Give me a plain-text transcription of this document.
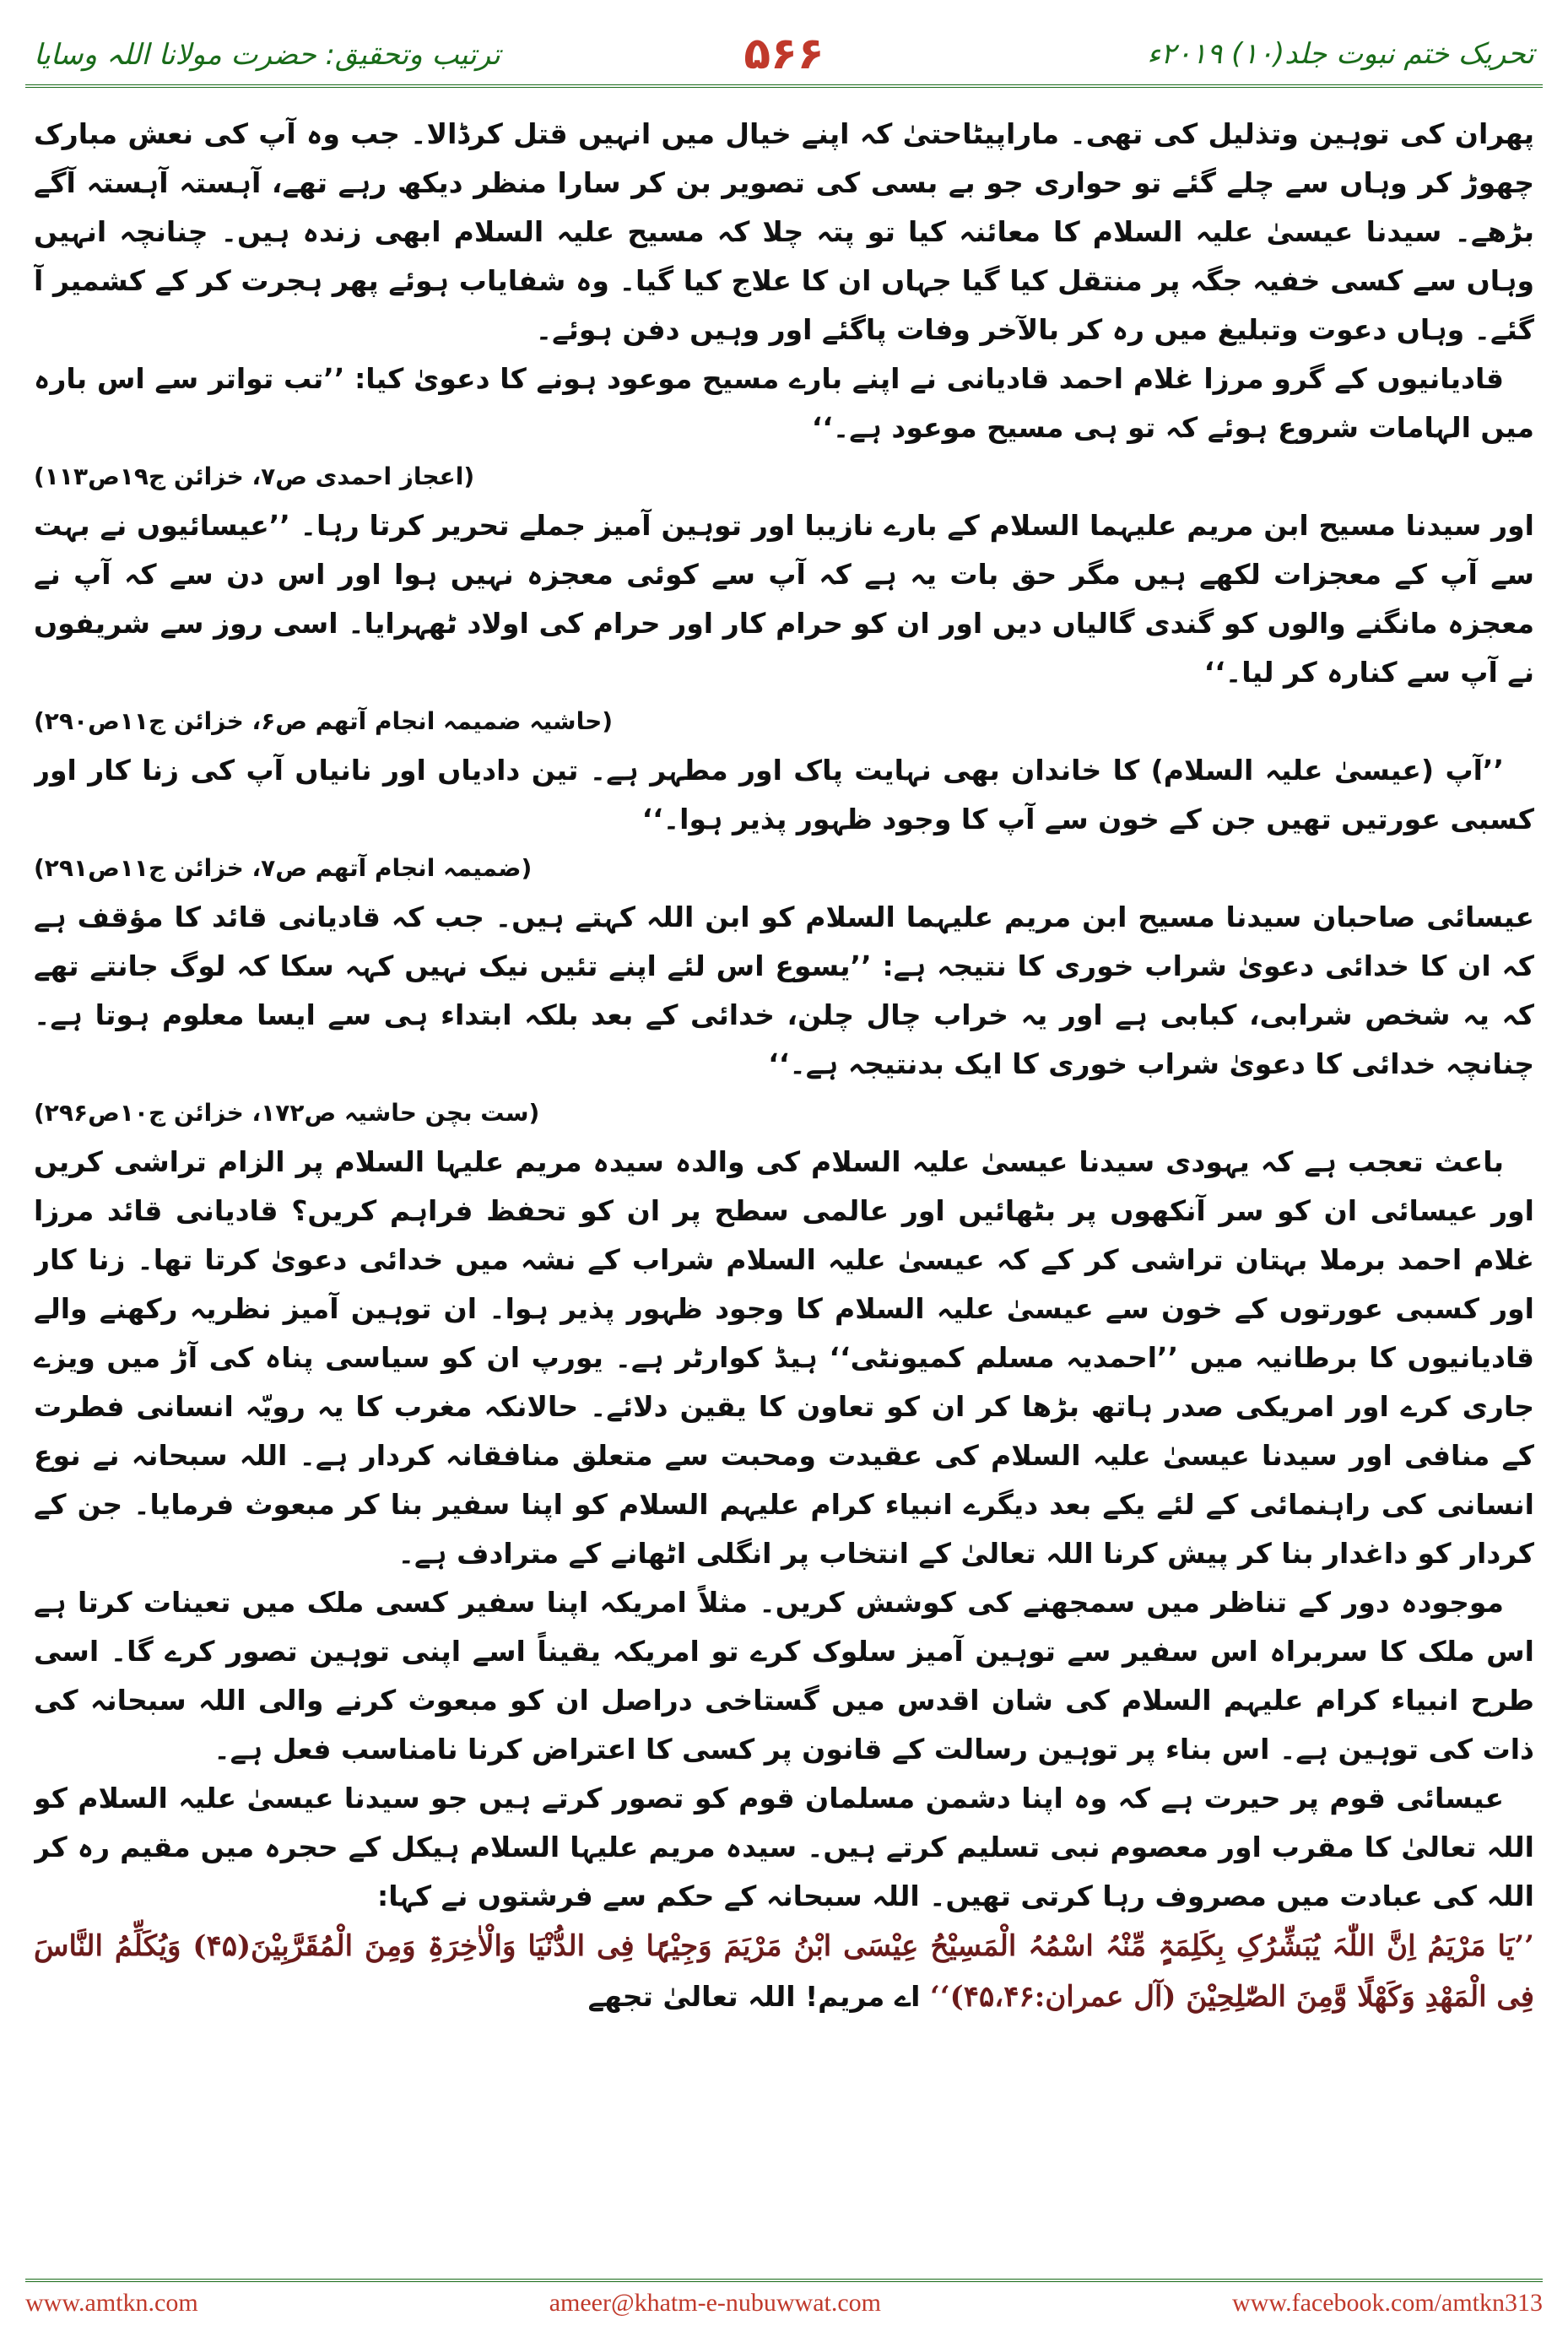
تحریک ختم نبوت جلد(۱۰) ۲۰۱۹ء
۵۶۶
ترتیب وتحقیق: حضرت مولانا اللہ وسایا

پھران کی توہین وتذلیل کی تھی۔ ماراپیٹاحتیٰ کہ اپنے خیال میں انہیں قتل کرڈالا۔ جب وہ آپ کی نعش مبارک چھوڑ کر وہاں سے چلے گئے تو حواری جو بے بسی کی تصویر بن کر سارا منظر دیکھ رہے تھے، آہستہ آہستہ آگے بڑھے۔ سیدنا عیسیٰ علیہ السلام کا معائنہ کیا تو پتہ چلا کہ مسیح علیہ السلام ابھی زندہ ہیں۔ چنانچہ انہیں وہاں سے کسی خفیہ جگہ پر منتقل کیا گیا جہاں ان کا علاج کیا گیا۔ وہ شفایاب ہوئے پھر ہجرت کر کے کشمیر آ گئے۔ وہاں دعوت وتبلیغ میں رہ کر بالآخر وفات پاگئے اور وہیں دفن ہوئے۔

قادیانیوں کے گرو مرزا غلام احمد قادیانی نے اپنے بارے مسیح موعود ہونے کا دعویٰ کیا: ’’تب تواتر سے اس بارہ میں الہامات شروع ہوئے کہ تو ہی مسیح موعود ہے۔‘‘

(اعجاز احمدی ص۷، خزائن ج۱۹ص۱۱۳)

اور سیدنا مسیح ابن مریم علیہما السلام کے بارے نازیبا اور توہین آمیز جملے تحریر کرتا رہا۔ ’’عیسائیوں نے بہت سے آپ کے معجزات لکھے ہیں مگر حق بات یہ ہے کہ آپ سے کوئی معجزہ نہیں ہوا اور اس دن سے کہ آپ نے معجزہ مانگنے والوں کو گندی گالیاں دیں اور ان کو حرام کار اور حرام کی اولاد ٹھہرایا۔ اسی روز سے شریفوں نے آپ سے کنارہ کر لیا۔‘‘

(حاشیہ ضمیمہ انجام آتھم ص۶، خزائن ج۱۱ص۲۹۰)

’’آپ (عیسیٰ علیہ السلام) کا خاندان بھی نہایت پاک اور مطہر ہے۔ تین دادیاں اور نانیاں آپ کی زنا کار اور کسبی عورتیں تھیں جن کے خون سے آپ کا وجود ظہور پذیر ہوا۔‘‘

(ضمیمہ انجام آتھم ص۷، خزائن ج۱۱ص۲۹۱)

عیسائی صاحبان سیدنا مسیح ابن مریم علیہما السلام کو ابن اللہ کہتے ہیں۔ جب کہ قادیانی قائد کا مؤقف ہے کہ ان کا خدائی دعویٰ شراب خوری کا نتیجہ ہے: ’’یسوع اس لئے اپنے تئیں نیک نہیں کہہ سکا کہ لوگ جانتے تھے کہ یہ شخص شرابی، کبابی ہے اور یہ خراب چال چلن، خدائی کے بعد بلکہ ابتداء ہی سے ایسا معلوم ہوتا ہے۔ چنانچہ خدائی کا دعویٰ شراب خوری کا ایک بدنتیجہ ہے۔‘‘

(ست بچن حاشیہ ص۱۷۲، خزائن ج۱۰ص۲۹۶)

باعث تعجب ہے کہ یہودی سیدنا عیسیٰ علیہ السلام کی والدہ سیدہ مریم علیہا السلام پر الزام تراشی کریں اور عیسائی ان کو سر آنکھوں پر بٹھائیں اور عالمی سطح پر ان کو تحفظ فراہم کریں؟ قادیانی قائد مرزا غلام احمد برملا بہتان تراشی کر کے کہ عیسیٰ علیہ السلام شراب کے نشہ میں خدائی دعویٰ کرتا تھا۔ زنا کار اور کسبی عورتوں کے خون سے عیسیٰ علیہ السلام کا وجود ظہور پذیر ہوا۔ ان توہین آمیز نظریہ رکھنے والے قادیانیوں کا برطانیہ میں ’’احمدیہ مسلم کمیونٹی‘‘ ہیڈ کوارٹر ہے۔ یورپ ان کو سیاسی پناہ کی آڑ میں ویزے جاری کرے اور امریکی صدر ہاتھ بڑھا کر ان کو تعاون کا یقین دلائے۔ حالانکہ مغرب کا یہ رویّہ انسانی فطرت کے منافی اور سیدنا عیسیٰ علیہ السلام کی عقیدت ومحبت سے متعلق منافقانہ کردار ہے۔ اللہ سبحانہ نے نوع انسانی کی راہنمائی کے لئے یکے بعد دیگرے انبیاء کرام علیہم السلام کو اپنا سفیر بنا کر مبعوث فرمایا۔ جن کے کردار کو داغدار بنا کر پیش کرنا اللہ تعالیٰ کے انتخاب پر انگلی اٹھانے کے مترادف ہے۔

موجودہ دور کے تناظر میں سمجھنے کی کوشش کریں۔ مثلاً امریکہ اپنا سفیر کسی ملک میں تعینات کرتا ہے اس ملک کا سربراہ اس سفیر سے توہین آمیز سلوک کرے تو امریکہ یقیناً اسے اپنی توہین تصور کرے گا۔ اسی طرح انبیاء کرام علیہم السلام کی شان اقدس میں گستاخی دراصل ان کو مبعوث کرنے والی اللہ سبحانہ کی ذات کی توہین ہے۔ اس بناء پر توہین رسالت کے قانون پر کسی کا اعتراض کرنا نامناسب فعل ہے۔

عیسائی قوم پر حیرت ہے کہ وہ اپنا دشمن مسلمان قوم کو تصور کرتے ہیں جو سیدنا عیسیٰ علیہ السلام کو اللہ تعالیٰ کا مقرب اور معصوم نبی تسلیم کرتے ہیں۔ سیدہ مریم علیہا السلام ہیکل کے حجرہ میں مقیم رہ کر اللہ کی عبادت میں مصروف رہا کرتی تھیں۔ اللہ سبحانہ کے حکم سے فرشتوں نے کہا:

’’یَا مَرْیَمُ اِنَّ اللّٰہَ یُبَشِّرُکِ بِکَلِمَۃٍ مِّنْہُ اسْمُہُ الْمَسِیْحُ عِیْسَی ابْنُ مَرْیَمَ وَجِیْہًا فِی الدُّنْیَا وَالْاٰخِرَۃِ وَمِنَ الْمُقَرَّبِیْنَ(۴۵) وَیُکَلِّمُ النَّاسَ فِی الْمَھْدِ وَکَھْلًا وَّمِنَ الصّٰلِحِیْنَ (آل عمران:۴۵،۴۶)‘‘ اے مریم! اللہ تعالیٰ تجھے

www.amtkn.com	ameer@khatm-e-nubuwwat.com	www.facebook.com/amtkn313
